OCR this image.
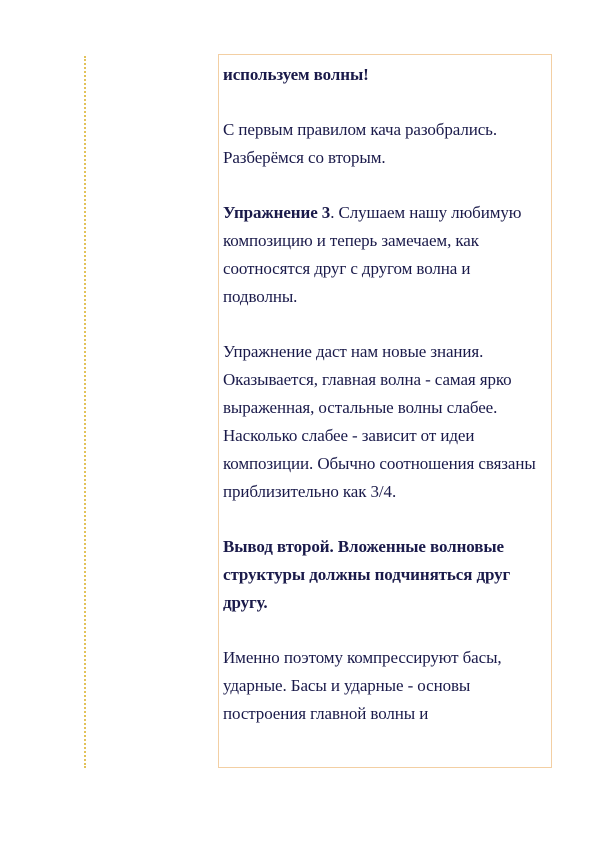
используем волны!

С первым правилом кача разобрались. Разберёмся со вторым.

Упражнение 3. Слушаем нашу любимую композицию и теперь замечаем, как соотносятся друг с другом волна и подволны.

Упражнение даст нам новые знания. Оказывается, главная волна - самая ярко выраженная, остальные волны слабее. Насколько слабее - зависит от идеи композиции. Обычно соотношения связаны приблизительно как 3/4.

Вывод второй. Вложенные волновые структуры должны подчиняться друг другу.

Именно поэтому компрессируют басы, ударные. Басы и ударные - основы построения главной волны и
